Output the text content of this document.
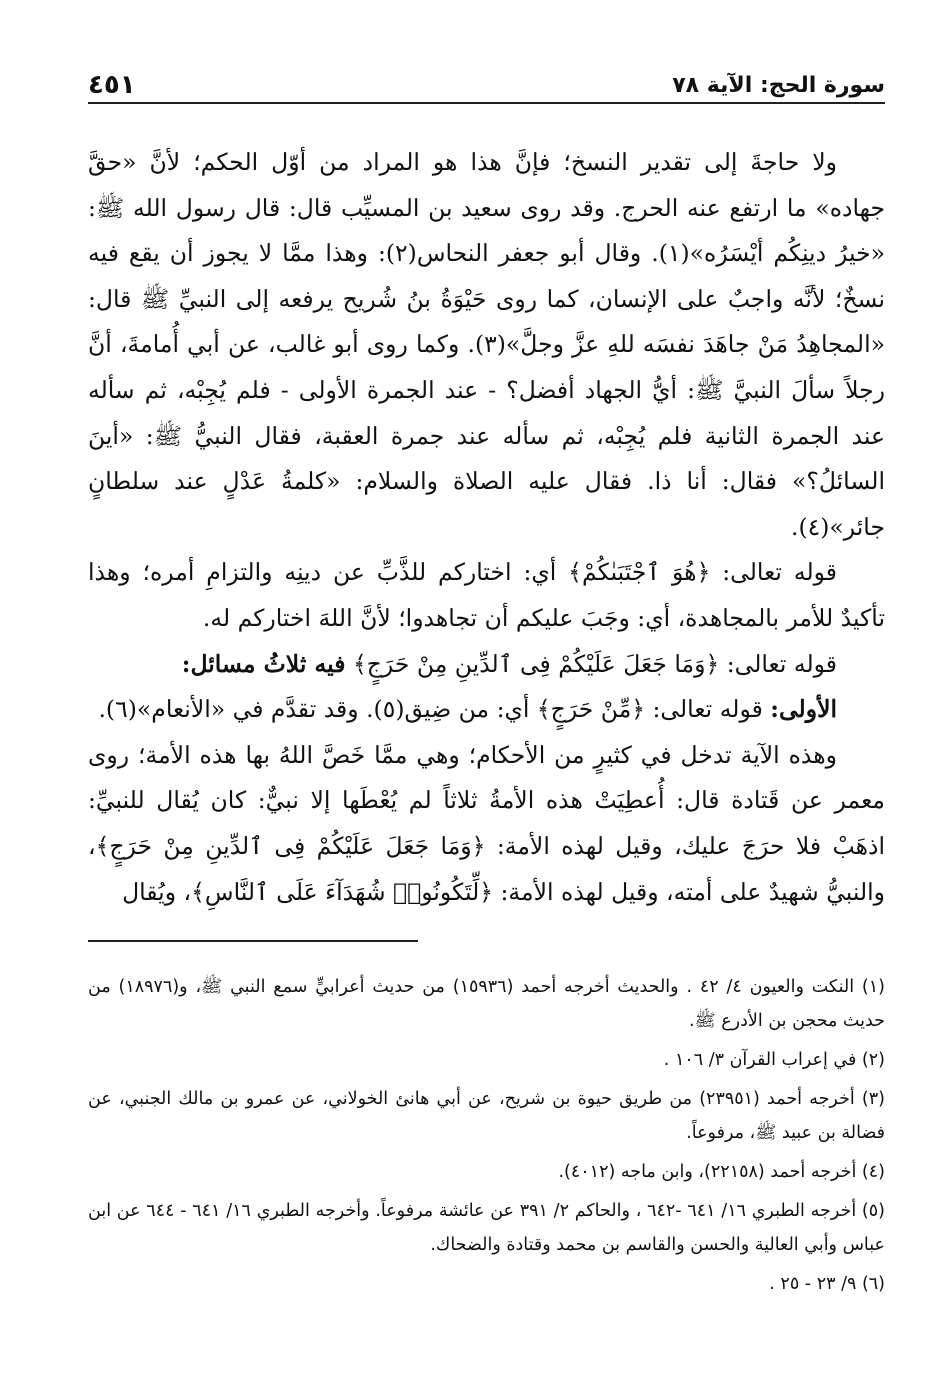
سورة الحج: الآية ٧٨
٤٥١

ولا حاجةَ إلى تقدير النسخ؛ فإنَّ هذا هو المراد من أوّل الحكم؛ لأنَّ «حقَّ جهاده» ما ارتفع عنه الحرج. وقد روى سعيد بن المسيِّب قال: قال رسول الله ﷺ: «خيرُ دينِكُم أيْسَرُه»(١). وقال أبو جعفر النحاس(٢): وهذا ممَّا لا يجوز أن يقع فيه نسخٌ؛ لأنَّه واجبٌ على الإنسان، كما روى حَيْوَةُ بنُ شُريح يرفعه إلى النبيِّ ﷺ قال: «المجاهِدُ مَنْ جاهَدَ نفسَه للهِ عزَّ وجلَّ»(٣). وكما روى أبو غالب، عن أبي أُمامةَ، أنَّ رجلاً سألَ النبيَّ ﷺ: أيُّ الجهاد أفضل؟ - عند الجمرة الأولى - فلم يُجِبْه، ثم سأله عند الجمرة الثانية فلم يُجِبْه، ثم سأله عند جمرة العقبة، فقال النبيُّ ﷺ: «أينَ السائلُ؟» فقال: أنا ذا. فقال عليه الصلاة والسلام: «كلمةُ عَدْلٍ عند سلطانٍ جائر»(٤).

قوله تعالى: ﴿هُوَ ٱجْتَبَىٰكُمْ﴾ أي: اختاركم للذَّبِّ عن دينِه والتزامِ أمره؛ وهذا تأكيدٌ للأمر بالمجاهدة، أي: وجَبَ عليكم أن تجاهدوا؛ لأنَّ اللهَ اختاركم له.

قوله تعالى: ﴿وَمَا جَعَلَ عَلَيْكُمْ فِى ٱلدِّينِ مِنْ حَرَجٍ﴾ فيه ثلاثُ مسائل:

الأولى: قوله تعالى: ﴿مِّنْ حَرَجٍ﴾ أي: من ضِيق(٥). وقد تقدَّم في «الأنعام»(٦).

وهذه الآية تدخل في كثيرٍ من الأحكام؛ وهي ممَّا خَصَّ اللهُ بها هذه الأمة؛ روى معمر عن قَتادة قال: أُعطِيَتْ هذه الأمةُ ثلاثاً لم يُعْطَها إلا نبيٌّ: كان يُقال للنبيِّ: اذهَبْ فلا حرَجَ عليك، وقيل لهذه الأمة: ﴿وَمَا جَعَلَ عَلَيْكُمْ فِى ٱلدِّينِ مِنْ حَرَجٍ﴾، والنبيُّ شهيدٌ على أمته، وقيل لهذه الأمة: ﴿لِّتَكُونُوا۟ شُهَدَآءَ عَلَى ٱلنَّاسِ﴾، ويُقال

(١) النكت والعيون ٤/ ٤٢ . والحديث أخرجه أحمد (١٥٩٣٦) من حديث أعرابيٍّ سمع النبي ﷺ، و(١٨٩٧٦) من حديث محجن بن الأدرع ﷺ.

(٢) في إعراب القرآن ٣/ ١٠٦ .

(٣) أخرجه أحمد (٢٣٩٥١) من طريق حيوة بن شريح، عن أبي هانئ الخولاني، عن عمرو بن مالك الجنبي، عن فضالة بن عبيد ﷺ، مرفوعاً.

(٤) أخرجه أحمد (٢٢١٥٨)، وابن ماجه (٤٠١٢).

(٥) أخرجه الطبري ١٦/ ٦٤١ -٦٤٢ ، والحاكم ٢/ ٣٩١ عن عائشة مرفوعاً. وأخرجه الطبري ١٦/ ٦٤١ - ٦٤٤ عن ابن عباس وأبي العالية والحسن والقاسم بن محمد وقتادة والضحاك.

(٦) ٩/ ٢٣ - ٢٥ .
